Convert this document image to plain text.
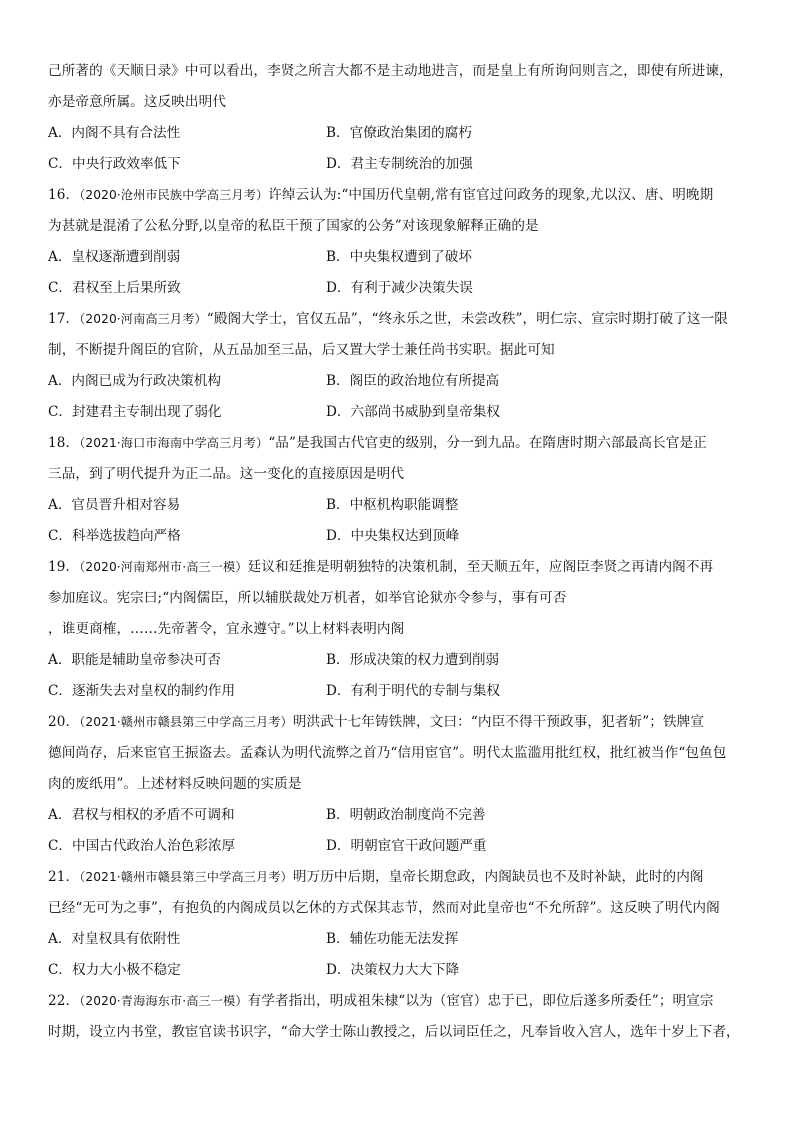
己所著的《天顺日录》中可以看出，李贤之所言大都不是主动地进言，而是皇上有所询问则言之，即使有所进谏，
亦是帝意所属。这反映出明代
A．内阁不具有合法性	B．官僚政治集团的腐朽
C．中央行政效率低下	D．君主专制统治的加强
16．（2020·沧州市民族中学高三月考）许绰云认为:“中国历代皇朝,常有宦官过问政务的现象,尤以汉、唐、明晚期
为甚就是混淆了公私分野,以皇帝的私臣干预了国家的公务”对该现象解释正确的是
A．皇权逐渐遭到削弱	B．中央集权遭到了破坏
C．君权至上后果所致	D．有利于减少决策失误
17．（2020·河南高三月考）“殿阁大学士，官仅五品”，“终永乐之世，未尝改秩”，明仁宗、宣宗时期打破了这一限
制，不断提升阁臣的官阶，从五品加至三品，后又置大学士兼任尚书实职。据此可知
A．内阁已成为行政决策机构	B．阁臣的政治地位有所提高
C．封建君主专制出现了弱化	D．六部尚书威胁到皇帝集权
18．（2021·海口市海南中学高三月考）“品”是我国古代官吏的级别，分一到九品。在隋唐时期六部最高长官是正
三品，到了明代提升为正二品。这一变化的直接原因是明代
A．官员晋升相对容易	B．中枢机构职能调整
C．科举选拔趋向严格	D．中央集权达到顶峰
19．（2020·河南郑州市·高三一模）廷议和廷推是明朝独特的决策机制，至天顺五年，应阁臣李贤之再请内阁不再
参加庭议。宪宗曰;“内阁儒臣，所以辅朕裁处万机者，如举官论狱亦令参与，事有可否
，谁更商榷，……先帝著令，宜永遵守。”以上材料表明内阁
A．职能是辅助皇帝参决可否	B．形成决策的权力遭到削弱
C．逐渐失去对皇权的制约作用	D．有利于明代的专制与集权
20．（2021·赣州市赣县第三中学高三月考）明洪武十七年铸铁牌，文曰：“内臣不得干预政事，犯者斩”；铁牌宣
德间尚存，后来宦官王振盗去。孟森认为明代流弊之首乃“信用宦官”。明代太监滥用批红权，批红被当作“包鱼包
肉的废纸用”。上述材料反映问题的实质是
A．君权与相权的矛盾不可调和	B．明朝政治制度尚不完善
C．中国古代政治人治色彩浓厚	D．明朝宦官干政问题严重
21．（2021·赣州市赣县第三中学高三月考）明万历中后期，皇帝长期怠政，内阁缺员也不及时补缺，此时的内阁
已经“无可为之事”，有抱负的内阁成员以乞休的方式保其志节，然而对此皇帝也“不允所辞”。这反映了明代内阁
A．对皇权具有依附性	B．辅佐功能无法发挥
C．权力大小极不稳定	D．决策权力大大下降
22．（2020·青海海东市·高三一模）有学者指出，明成祖朱棣“以为（宦官）忠于已，即位后遂多所委任”；明宣宗
时期，设立内书堂，教宦官读书识字，“命大学士陈山教授之，后以词臣任之，凡奉旨收入宫人，选年十岁上下者，
